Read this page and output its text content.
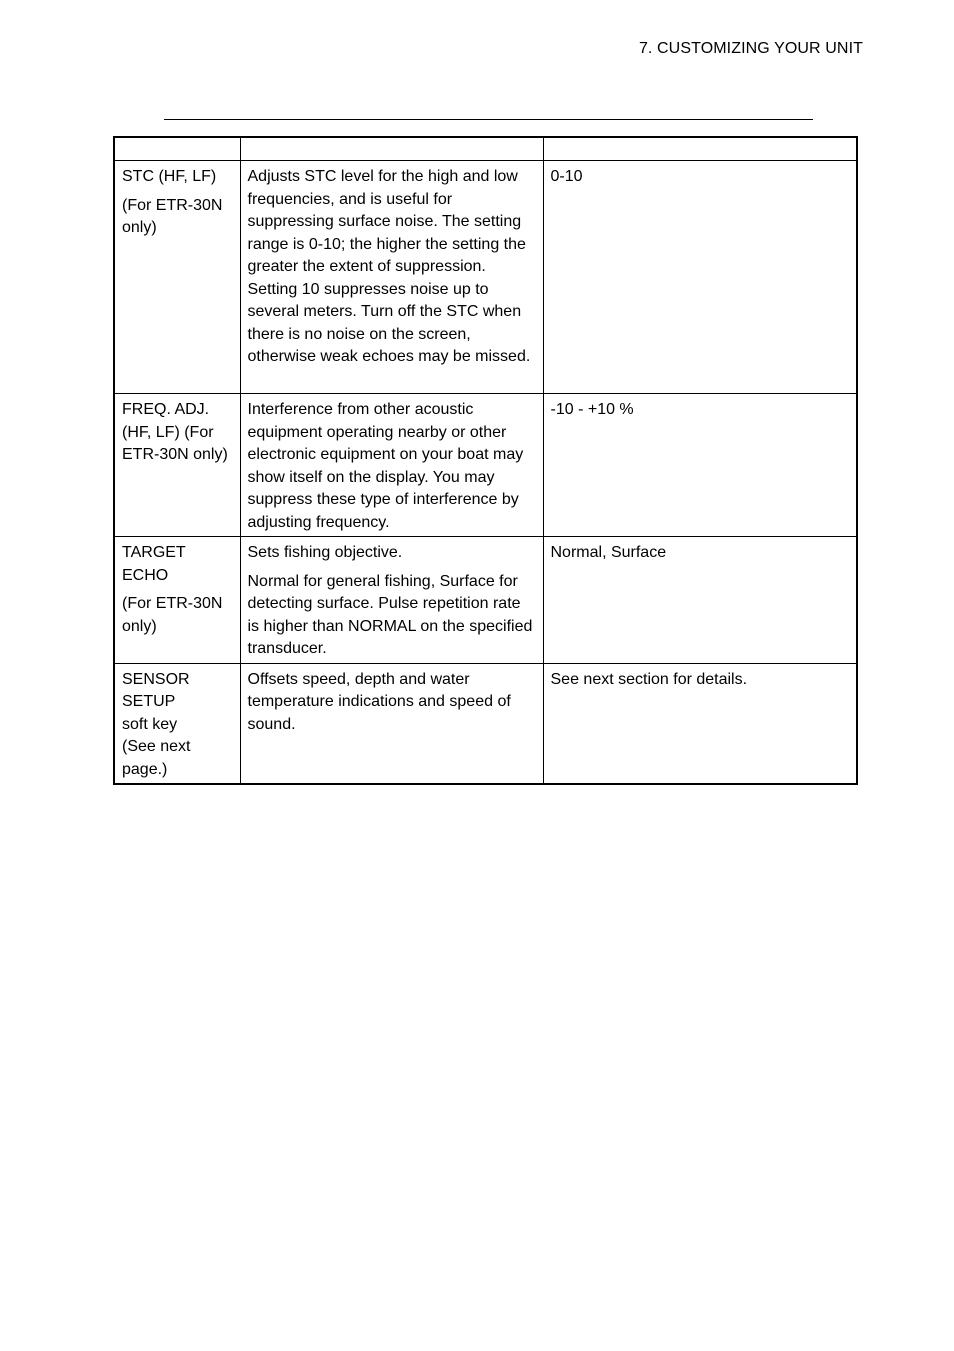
7. CUSTOMIZING YOUR UNIT

STC (HF, LF)
(For ETR-30N only)	Adjusts STC level for the high and low frequencies, and is useful for suppressing surface noise. The setting range is 0-10; the higher the setting the greater the extent of suppression. Setting 10 suppresses noise up to several meters. Turn off the STC when there is no noise on the screen, otherwise weak echoes may be missed.	0-10

FREQ. ADJ. (HF, LF) (For ETR-30N only)	Interference from other acoustic equipment operating nearby or other electronic equipment on your boat may show itself on the display. You may suppress these type of interference by adjusting frequency.	-10 - +10 %

TARGET ECHO
(For ETR-30N only)	Sets fishing objective.
Normal for general fishing, Surface for detecting surface. Pulse repetition rate is higher than NORMAL on the specified transducer.	Normal, Surface

SENSOR SETUP
soft key
(See next page.)	Offsets speed, depth and water temperature indications and speed of sound.	See next section for details.
